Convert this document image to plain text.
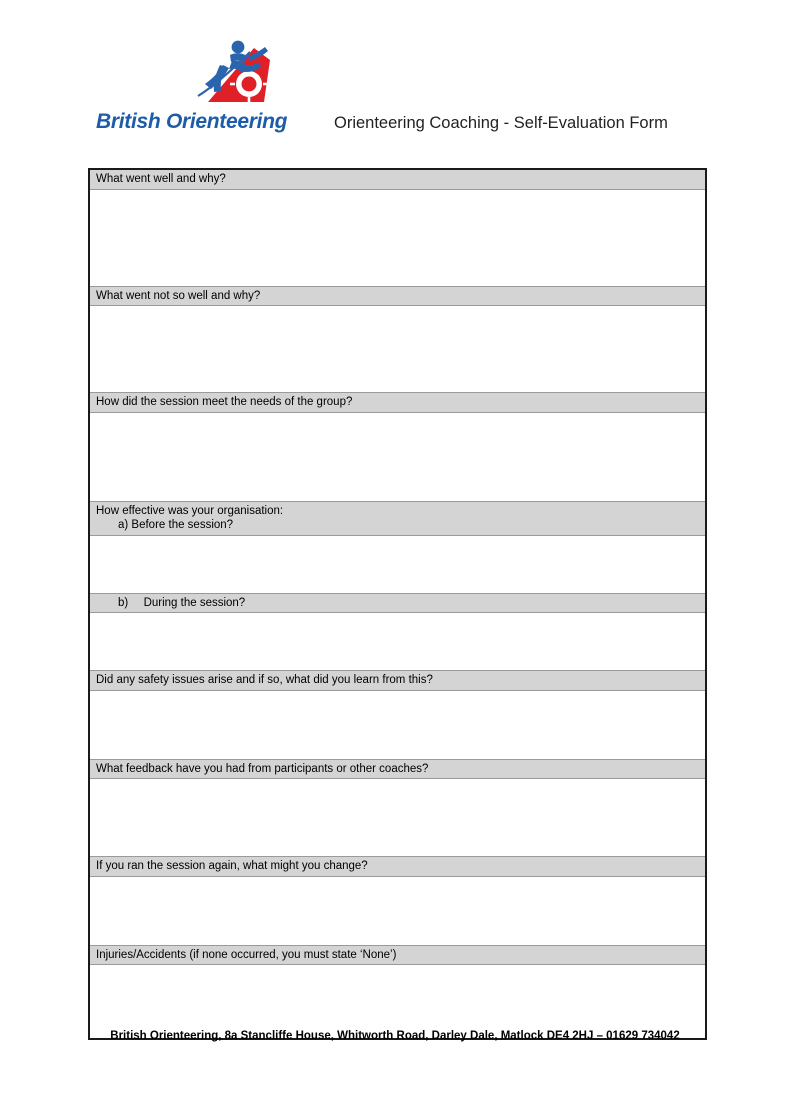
British Orienteering	Orienteering Coaching - Self-Evaluation Form
What went well and why?
What went not so well and why?
How did the session meet the needs of the group?
How effective was your organisation:
a) Before the session?
b)	During the session?
Did any safety issues arise and if so, what did you learn from this?
What feedback have you had from participants or other coaches?
If you ran the session again, what might you change?
Injuries/Accidents (if none occurred, you must state ‘None’)
British Orienteering, 8a Stancliffe House, Whitworth Road, Darley Dale, Matlock DE4 2HJ – 01629 734042
